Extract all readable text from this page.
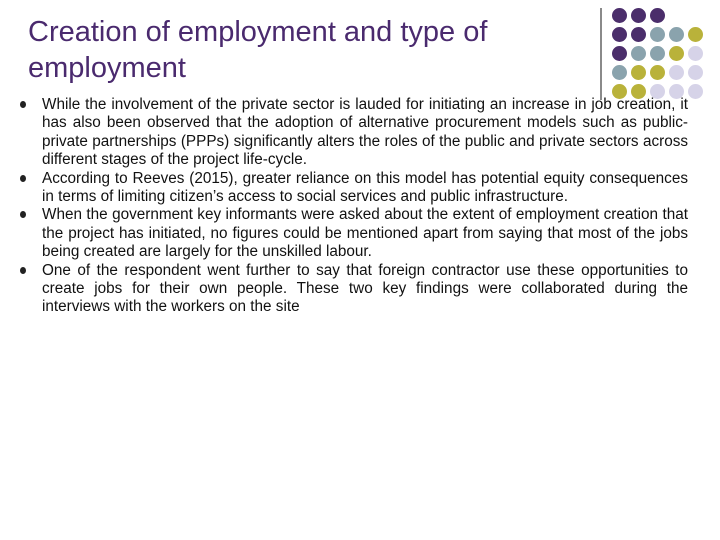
Creation of employment and type of employment
While the involvement of the private sector is lauded for initiating an increase in job creation, it has also been observed that the adoption of alternative procurement models such as public-private partnerships (PPPs) significantly alters the roles of the public and private sectors across different stages of the project life-cycle.
According to Reeves (2015), greater reliance on this model has potential equity consequences in terms of limiting citizen’s access to social services and public infrastructure.
When the government key informants were asked about the extent of employment creation that the project has initiated, no figures could be mentioned apart from saying that most of the jobs being created are largely for the unskilled labour.
One of the respondent went further to say that foreign contractor use these opportunities to create jobs for their own people. These two key findings were collaborated during the interviews with the workers on the site
